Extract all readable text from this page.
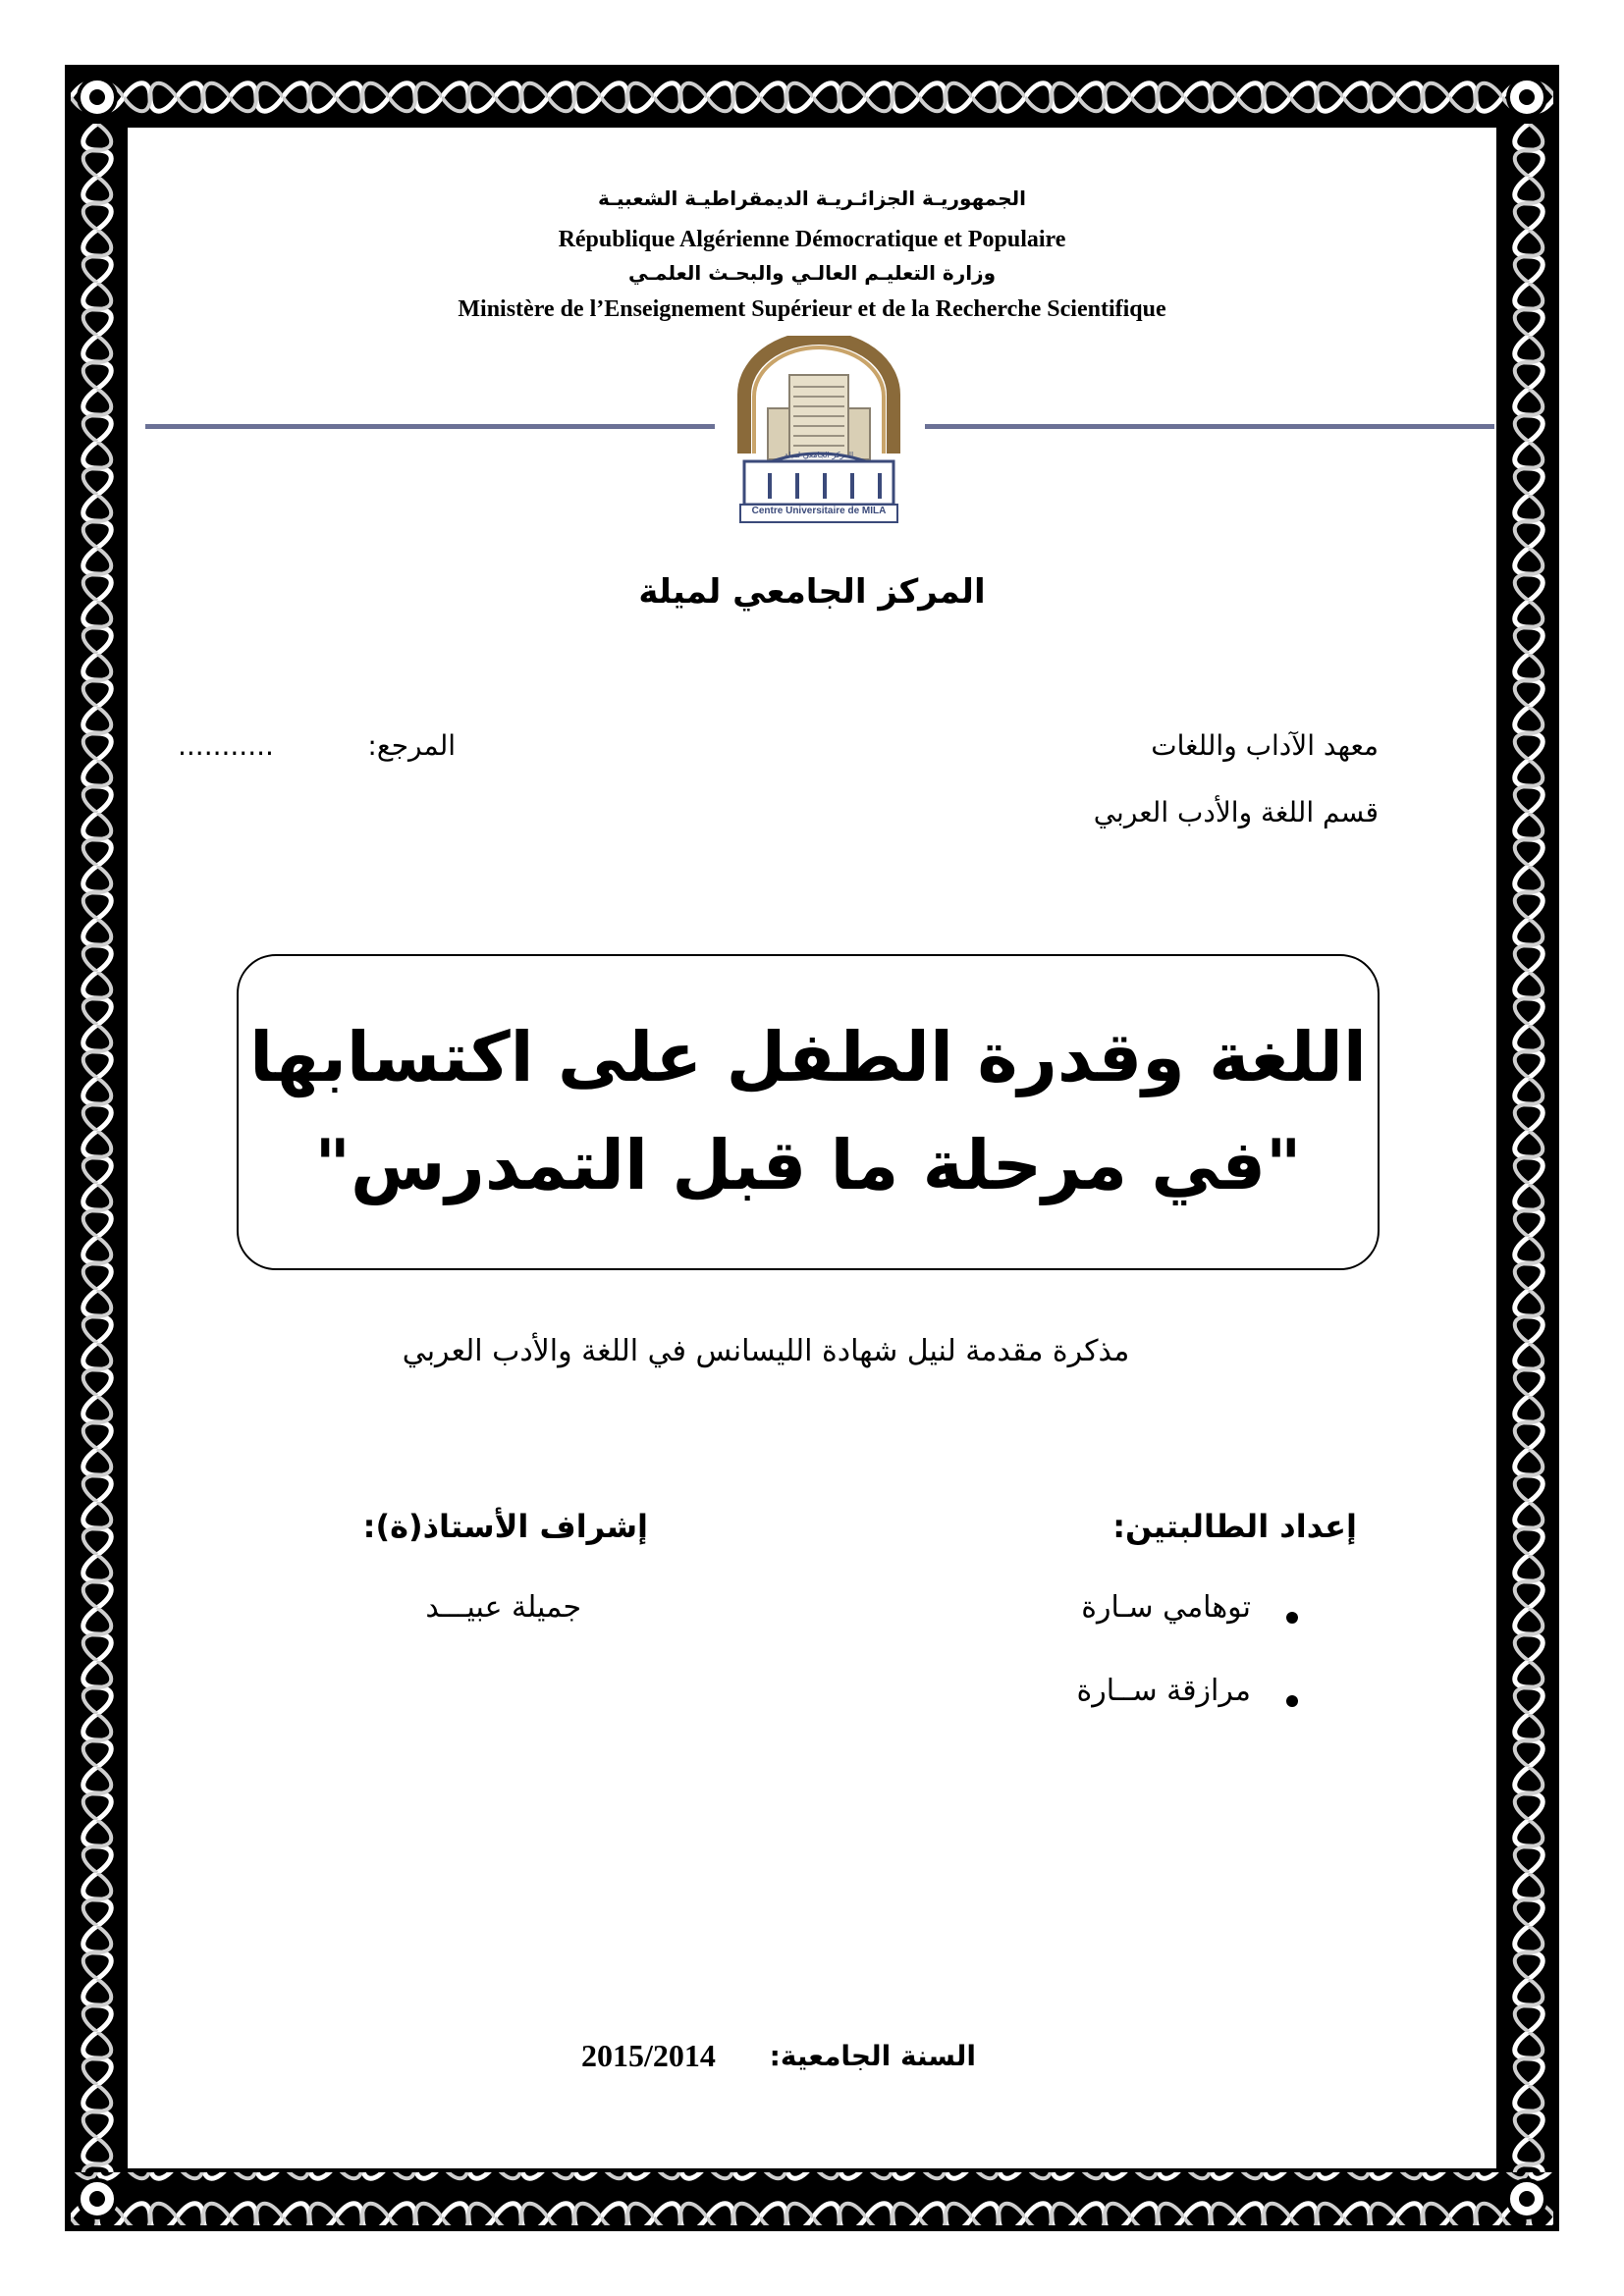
الجمهوريـة الجزائـريـة الديمقراطيـة الشعبيـة
République Algérienne Démocratique et Populaire
وزارة التعليـم العالـي والبحـث العلمـي
Ministère de l’Enseignement Supérieur et de la Recherche Scientifique
Centre Universitaire de MILA
المركز الجامعي لميلة
المركز الجامعي لميلة
معهد الآداب واللغات
المرجع:
...........
قسم اللغة والأدب العربي
اللغة وقدرة الطفل على اكتسابها
"في مرحلة ما قبل التمدرس"
مذكرة مقدمة لنيل شهادة الليسانس في اللغة والأدب العربي
إعداد الطالبتين:
توهامي سـارة
مرازقة ســارة
إشراف الأستاذ(ة):
جميلة عبيـــد
السنة الجامعية:
2015/2014
